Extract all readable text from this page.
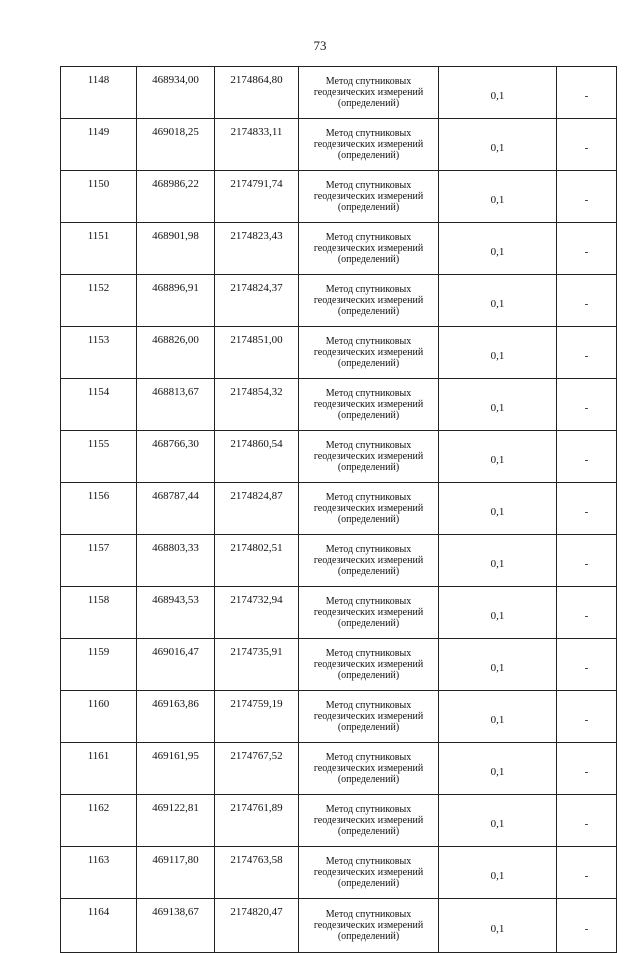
73
1148	468934,00	2174864,80	Метод спутниковых
геодезических измерений
(определений)	0,1	-
1149	469018,25	2174833,11	Метод спутниковых
геодезических измерений
(определений)	0,1	-
1150	468986,22	2174791,74	Метод спутниковых
геодезических измерений
(определений)	0,1	-
1151	468901,98	2174823,43	Метод спутниковых
геодезических измерений
(определений)	0,1	-
1152	468896,91	2174824,37	Метод спутниковых
геодезических измерений
(определений)	0,1	-
1153	468826,00	2174851,00	Метод спутниковых
геодезических измерений
(определений)	0,1	-
1154	468813,67	2174854,32	Метод спутниковых
геодезических измерений
(определений)	0,1	-
1155	468766,30	2174860,54	Метод спутниковых
геодезических измерений
(определений)	0,1	-
1156	468787,44	2174824,87	Метод спутниковых
геодезических измерений
(определений)	0,1	-
1157	468803,33	2174802,51	Метод спутниковых
геодезических измерений
(определений)	0,1	-
1158	468943,53	2174732,94	Метод спутниковых
геодезических измерений
(определений)	0,1	-
1159	469016,47	2174735,91	Метод спутниковых
геодезических измерений
(определений)	0,1	-
1160	469163,86	2174759,19	Метод спутниковых
геодезических измерений
(определений)	0,1	-
1161	469161,95	2174767,52	Метод спутниковых
геодезических измерений
(определений)	0,1	-
1162	469122,81	2174761,89	Метод спутниковых
геодезических измерений
(определений)	0,1	-
1163	469117,80	2174763,58	Метод спутниковых
геодезических измерений
(определений)	0,1	-
1164	469138,67	2174820,47	Метод спутниковых
геодезических измерений
(определений)	0,1	-
